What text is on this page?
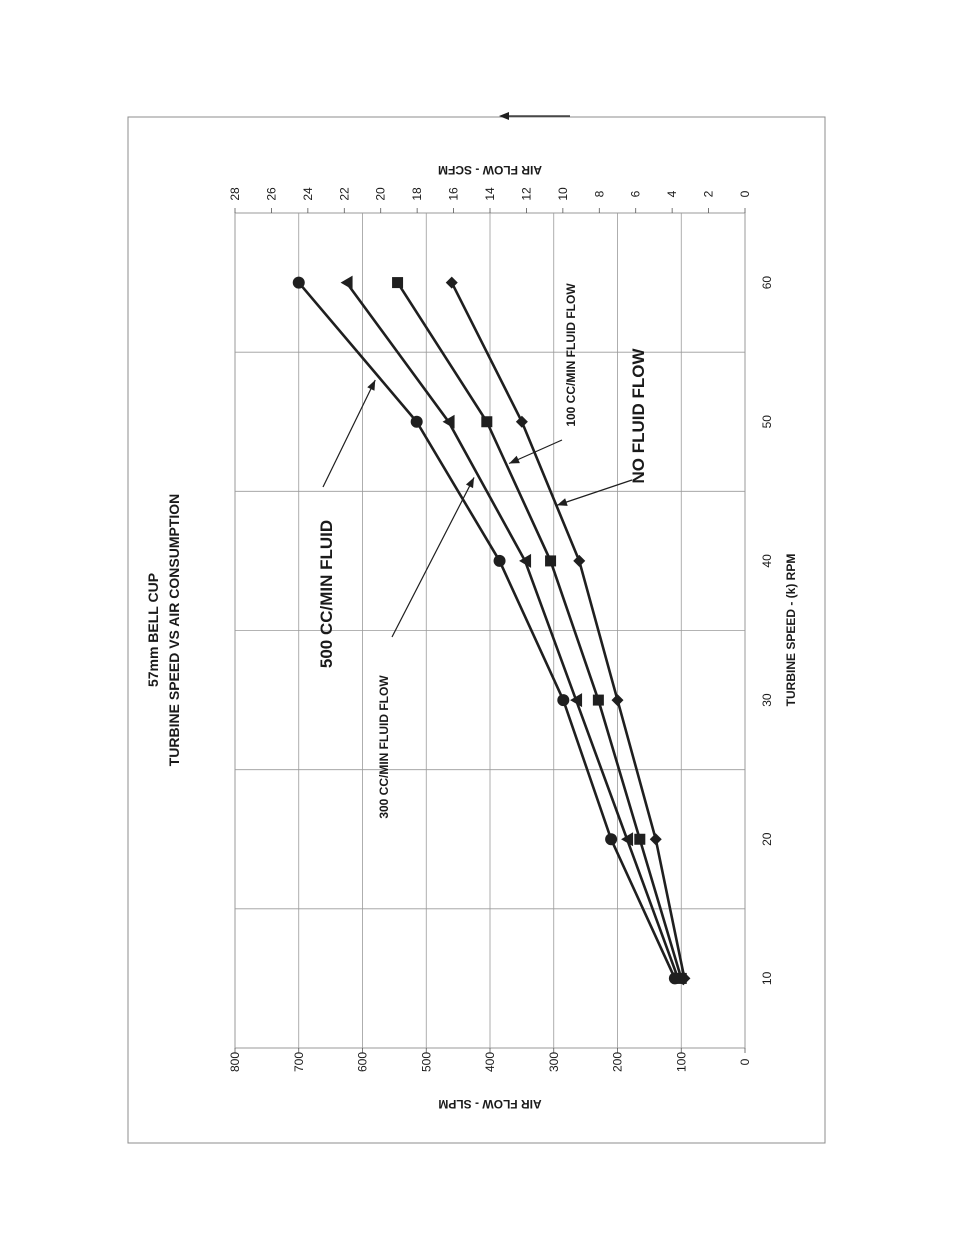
0
100
200
300
400
500
600
700
800
0
2
4
6
8
10
12
14
16
18
20
22
24
26
28
10
20
30
40
50
60
TURBINE SPEED - (k) RPM
AIR FLOW - SLPM
AIR FLOW - SCFM
57mm BELL CUP TURBINE SPEED VS AIR CONSUMPTION
NO FLUID FLOW
100 CC/MIN FLUID FLOW
300 CC/MIN FLUID FLOW
500 CC/MIN FLUID
